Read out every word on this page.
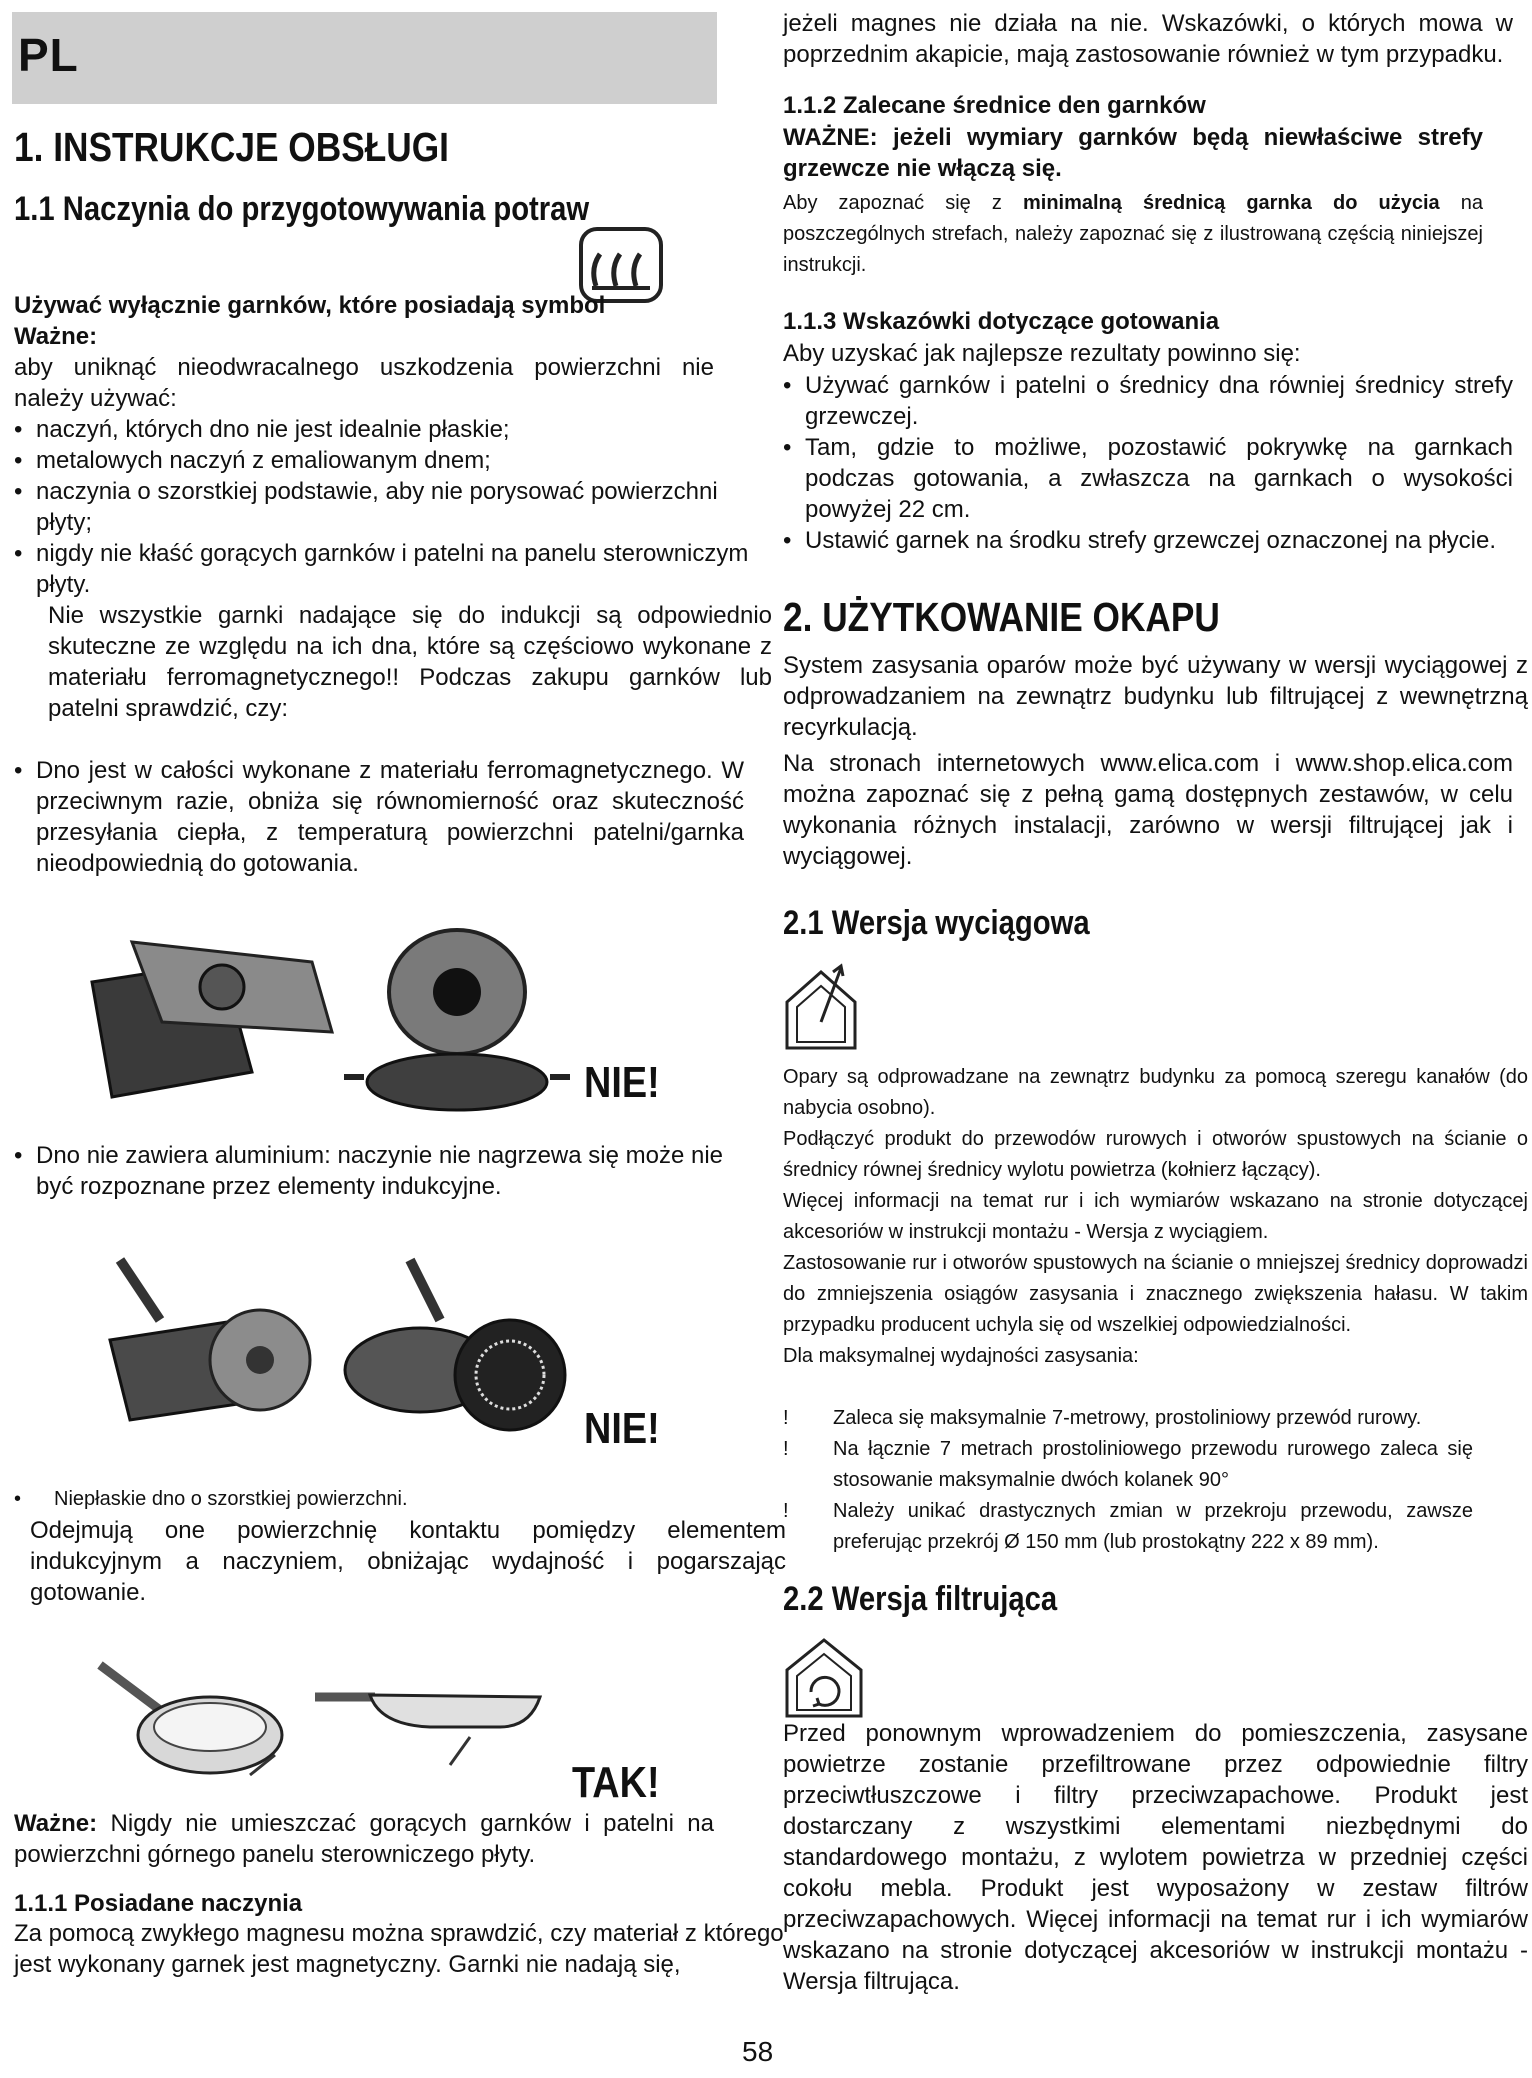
PL
1. INSTRUKCJE OBSŁUGI
1.1 Naczynia do przygotowywania potraw
Używać wyłącznie garnków, które posiadają symbol
Ważne:
aby uniknąć nieodwracalnego uszkodzenia powierzchni nie należy używać:
• naczyń, których dno nie jest idealnie płaskie;
• metalowych naczyń z emaliowanym dnem;
• naczynia o szorstkiej podstawie, aby nie porysować powierzchni płyty;
• nigdy nie kłaść gorących garnków i patelni na panelu sterowniczym płyty.
Nie wszystkie garnki nadające się do indukcji są odpowiednio skuteczne ze względu na ich dna, które są częściowo wykonane z materiału ferromagnetycznego!! Podczas zakupu garnków lub patelni sprawdzić, czy:
• Dno jest w całości wykonane z materiału ferromagnetycznego. W przeciwnym razie, obniża się równomierność oraz skuteczność przesyłania ciepła, z temperaturą powierzchni patelni/garnka nieodpowiednią do gotowania.
NIE!
• Dno nie zawiera aluminium: naczynie nie nagrzewa się może nie być rozpoznane przez elementy indukcyjne.
NIE!
• Niepłaskie dno o szorstkiej powierzchni.
Odejmują one powierzchnię kontaktu pomiędzy elementem indukcyjnym a naczyniem, obniżając wydajność i pogarszając gotowanie.
TAK!
Ważne: Nigdy nie umieszczać gorących garnków i patelni na powierzchni górnego panelu sterowniczego płyty.
1.1.1 Posiadane naczynia
Za pomocą zwykłego magnesu można sprawdzić, czy materiał z którego jest wykonany garnek jest magnetyczny. Garnki nie nadają się,
jeżeli magnes nie działa na nie. Wskazówki, o których mowa w poprzednim akapicie, mają zastosowanie również w tym przypadku.
1.1.2 Zalecane średnice den garnków
WAŻNE: jeżeli wymiary garnków będą niewłaściwe strefy grzewcze nie włączą się.
Aby zapoznać się z minimalną średnicą garnka do użycia na poszczególnych strefach, należy zapoznać się z ilustrowaną częścią niniejszej instrukcji.
1.1.3 Wskazówki dotyczące gotowania
Aby uzyskać jak najlepsze rezultaty powinno się:
• Używać garnków i patelni o średnicy dna równiej średnicy strefy grzewczej.
• Tam, gdzie to możliwe, pozostawić pokrywkę na garnkach podczas gotowania, a zwłaszcza na garnkach o wysokości powyżej 22 cm.
• Ustawić garnek na środku strefy grzewczej oznaczonej na płycie.
2. UŻYTKOWANIE OKAPU
System zasysania oparów może być używany w wersji wyciągowej z odprowadzaniem na zewnątrz budynku lub filtrującej z wewnętrzną recyrkulacją.
Na stronach internetowych www.elica.com i www.shop.elica.com można zapoznać się z pełną gamą dostępnych zestawów, w celu wykonania różnych instalacji, zarówno w wersji filtrującej jak i wyciągowej.
2.1 Wersja wyciągowa
Opary są odprowadzane na zewnątrz budynku za pomocą szeregu kanałów (do nabycia osobno).
Podłączyć produkt do przewodów rurowych i otworów spustowych na ścianie o średnicy równej średnicy wylotu powietrza (kołnierz łączący).
Więcej informacji na temat rur i ich wymiarów wskazano na stronie dotyczącej akcesoriów w instrukcji montażu - Wersja z wyciągiem.
Zastosowanie rur i otworów spustowych na ścianie o mniejszej średnicy doprowadzi do zmniejszenia osiągów zasysania i znacznego zwiększenia hałasu. W takim przypadku producent uchyla się od wszelkiej odpowiedzialności.
Dla maksymalnej wydajności zasysania:
! Zaleca się maksymalnie 7-metrowy, prostoliniowy przewód rurowy.
! Na łącznie 7 metrach prostoliniowego przewodu rurowego zaleca się stosowanie maksymalnie dwóch kolanek 90°
! Należy unikać drastycznych zmian w przekroju przewodu, zawsze preferując przekrój Ø 150 mm (lub prostokątny 222 x 89 mm).
2.2 Wersja filtrująca
Przed ponownym wprowadzeniem do pomieszczenia, zasysane powietrze zostanie przefiltrowane przez odpowiednie filtry przeciwtłuszczowe i filtry przeciwzapachowe. Produkt jest dostarczany z wszystkimi elementami niezbędnymi do standardowego montażu, z wylotem powietrza w przedniej części cokołu mebla. Produkt jest wyposażony w zestaw filtrów przeciwzapachowych. Więcej informacji na temat rur i ich wymiarów wskazano na stronie dotyczącej akcesoriów w instrukcji montażu - Wersja filtrująca.
58
